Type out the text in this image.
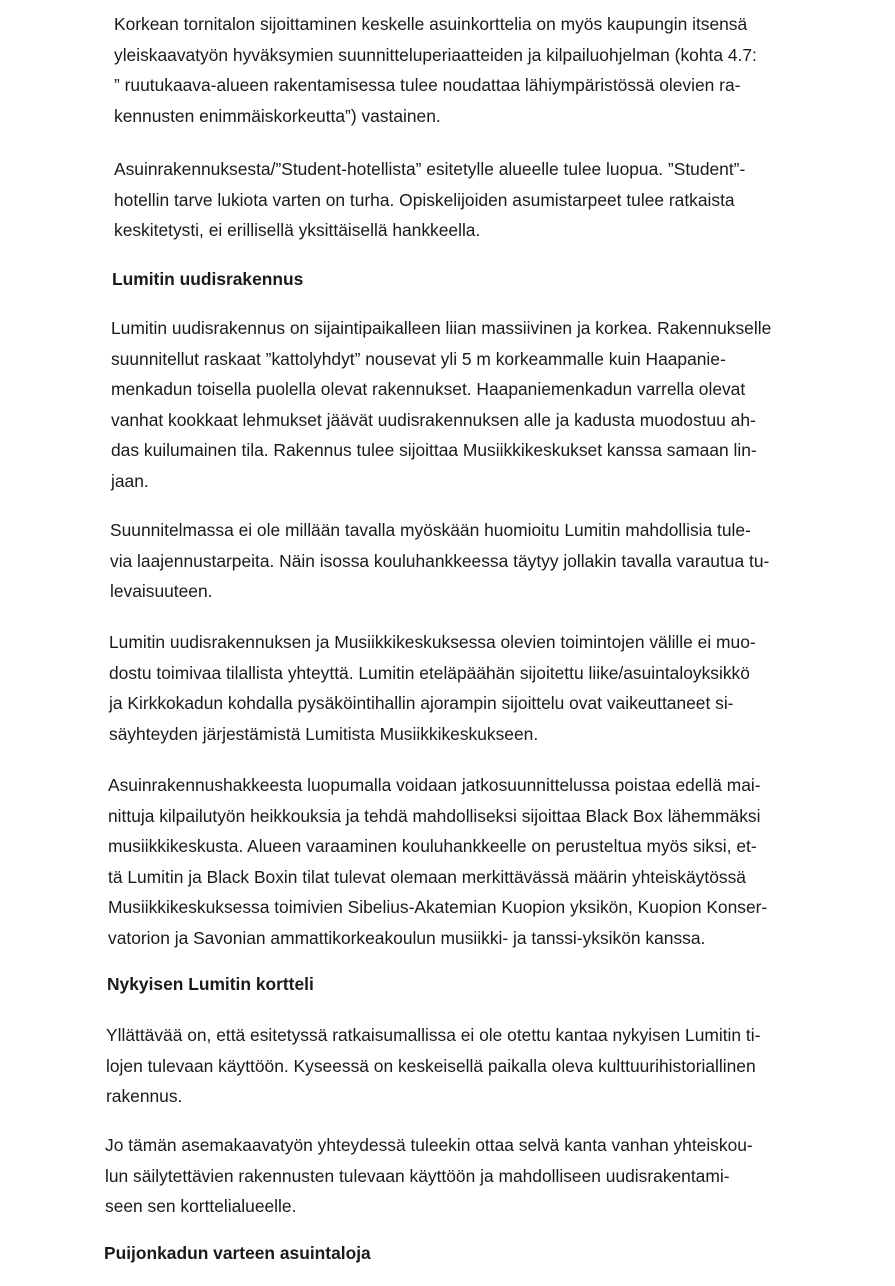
Korkean tornitalon sijoittaminen keskelle asuinkorttelia on myös kaupungin itsensä
yleiskaavatyön hyväksymien suunnitteluperiaatteiden ja kilpailuohjelman (kohta 4.7:
” ruutukaava-alueen rakentamisessa tulee noudattaa lähiympäristössä olevien ra-
kennusten enimmäiskorkeutta”) vastainen.
Asuinrakennuksesta/”Student-hotellista” esitetylle alueelle tulee luopua. ”Student”-
hotellin tarve lukiota varten on turha. Opiskelijoiden asumistarpeet tulee ratkaista
keskitetysti, ei erillisellä yksittäisellä hankkeella.
Lumitin uudisrakennus
Lumitin uudisrakennus on sijaintipaikalleen liian massiivinen ja korkea. Rakennukselle
suunnitellut raskaat ”kattolyhdyt” nousevat yli 5 m korkeammalle kuin Haapanie-
menkadun toisella puolella olevat rakennukset. Haapaniemenkadun varrella olevat
vanhat kookkaat lehmukset jäävät uudisrakennuksen alle ja kadusta muodostuu ah-
das kuilumainen tila. Rakennus tulee sijoittaa Musiikkikeskukset kanssa samaan lin-
jaan.
Suunnitelmassa ei ole millään tavalla myöskään huomioitu Lumitin mahdollisia tule-
via laajennustarpeita. Näin isossa kouluhankkeessa täytyy jollakin tavalla varautua tu-
levaisuuteen.
Lumitin uudisrakennuksen ja Musiikkikeskuksessa olevien toimintojen välille ei muo-
dostu toimivaa tilallista yhteyttä. Lumitin eteläpäähän sijoitettu liike/asuintaloyksikkö
ja Kirkkokadun kohdalla pysäköintihallin ajorampin sijoittelu ovat vaikeuttaneet si-
säyhteyden järjestämistä Lumitista Musiikkikeskukseen.
Asuinrakennushakkeesta luopumalla voidaan jatkosuunnittelussa poistaa edellä mai-
nittuja kilpailutyön heikkouksia ja tehdä mahdolliseksi sijoittaa Black Box lähemmäksi
musiikkikeskusta. Alueen varaaminen kouluhankkeelle on perusteltua myös siksi, et-
tä Lumitin ja Black Boxin tilat tulevat olemaan merkittävässä määrin yhteiskäytössä
Musiikkikeskuksessa toimivien Sibelius-Akatemian Kuopion yksikön, Kuopion Konser-
vatorion ja Savonian ammattikorkeakoulun musiikki- ja tanssi-yksikön kanssa.
Nykyisen Lumitin kortteli
Yllättävää on, että esitetyssä ratkaisumallissa ei ole otettu kantaa nykyisen Lumitin ti-
lojen tulevaan käyttöön. Kyseessä on keskeisellä paikalla oleva kulttuurihistoriallinen
rakennus.
Jo tämän asemakaavatyön yhteydessä tuleekin ottaa selvä kanta vanhan yhteiskou-
lun säilytettävien rakennusten tulevaan käyttöön ja mahdolliseen uudisrakentami-
seen sen korttelialueelle.
Puijonkadun varteen asuintaloja
